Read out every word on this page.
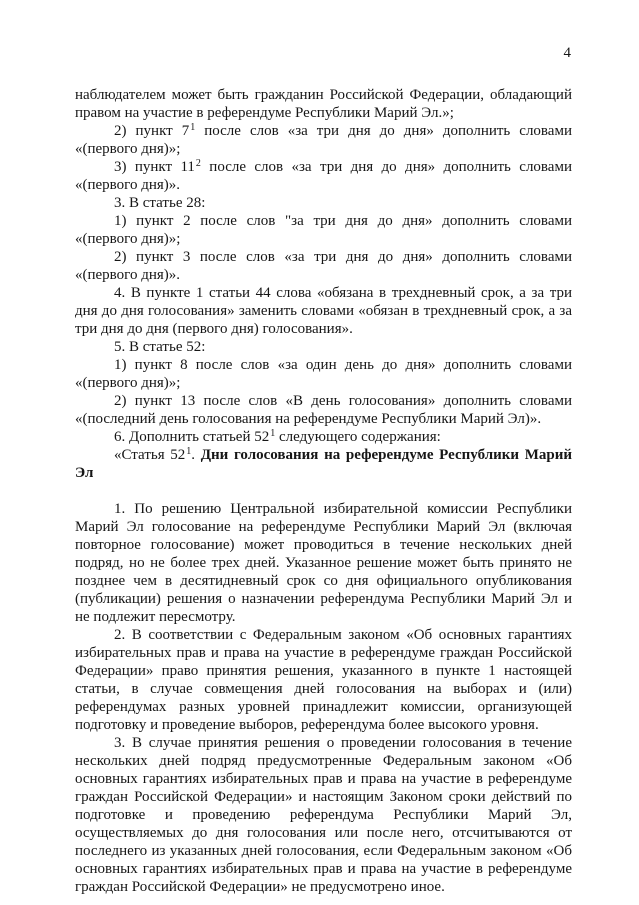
4

наблюдателем может быть гражданин Российской Федерации, обладающий правом на участие в референдуме Республики Марий Эл.»;

2) пункт $7^1$ после слов «за три дня до дня» дополнить словами «(первого дня)»;

3) пункт $11^2$ после слов «за три дня до дня» дополнить словами «(первого дня)».

3. В статье 28:

1) пункт 2 после слов "за три дня до дня» дополнить словами «(первого дня)»;

2) пункт 3 после слов «за три дня до дня» дополнить словами «(первого дня)».

4. В пункте 1 статьи 44 слова «обязана в трехдневный срок, а за три дня до дня голосования» заменить словами «обязан в трехдневный срок, а за три дня до дня (первого дня) голосования».

5. В статье 52:

1) пункт 8 после слов «за один день до дня» дополнить словами «(первого дня)»;

2) пункт 13 после слов «В день голосования» дополнить словами «(последний день голосования на референдуме Республики Марий Эл)».

6. Дополнить статьей $52^1$ следующего содержания:

«Статья $52^1$. Дни голосования на референдуме Республики Марий Эл

1. По решению Центральной избирательной комиссии Республики Марий Эл голосование на референдуме Республики Марий Эл (включая повторное голосование) может проводиться в течение нескольких дней подряд, но не более трех дней. Указанное решение может быть принято не позднее чем в десятидневный срок со дня официального опубликования (публикации) решения о назначении референдума Республики Марий Эл и не подлежит пересмотру.

2. В соответствии с Федеральным законом «Об основных гарантиях избирательных прав и права на участие в референдуме граждан Российской Федерации» право принятия решения, указанного в пункте 1 настоящей статьи, в случае совмещения дней голосования на выборах и (или) референдумах разных уровней принадлежит комиссии, организующей подготовку и проведение выборов, референдума более высокого уровня.

3. В случае принятия решения о проведении голосования в течение нескольких дней подряд предусмотренные Федеральным законом «Об основных гарантиях избирательных прав и права на участие в референдуме граждан Российской Федерации» и настоящим Законом сроки действий по подготовке и проведению референдума Республики Марий Эл, осуществляемых до дня голосования или после него, отсчитываются от последнего из указанных дней голосования, если Федеральным законом «Об основных гарантиях избирательных прав и права на участие в референдуме граждан Российской Федерации» не предусмотрено иное.
